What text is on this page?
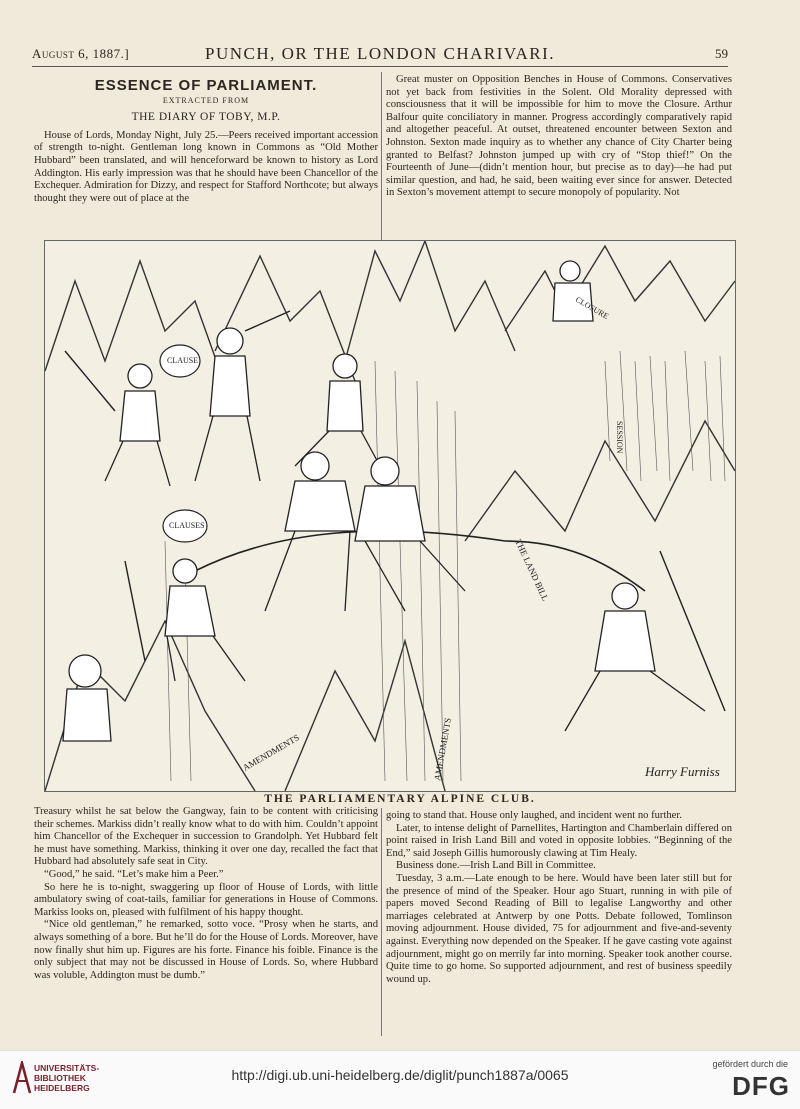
August 6, 1887.]	PUNCH, OR THE LONDON CHARIVARI.	59
ESSENCE OF PARLIAMENT.
EXTRACTED FROM
THE DIARY OF TOBY, M.P.

House of Lords, Monday Night, July 25.—Peers received important accession of strength to-night. Gentleman long known in Commons as “Old Mother Hubbard” been translated, and will henceforward be known to history as Lord Addington. His early impression was that he should have been Chancellor of the Exchequer. Admiration for Dizzy, and respect for Stafford Northcote; but always thought they were out of place at the

Great muster on Opposition Benches in House of Commons. Conservatives not yet back from festivities in the Solent. Old Morality depressed with consciousness that it will be impossible for him to move the Closure. Arthur Balfour quite conciliatory in manner. Progress accordingly comparatively rapid and altogether peaceful. At outset, threatened encounter between Sexton and Johnston. Sexton made inquiry as to whether any chance of City Charter being granted to Belfast? Johnston jumped up with cry of “Stop thief!” On the Fourteenth of June—(didn’t mention hour, but precise as to day)—he had put similar question, and had, he said, been waiting ever since for answer. Detected in Sexton’s movement attempt to secure monopoly of popularity. Not

CLAUSE
CLAUSES
CLOSURE
THE LAND BILL
AMENDMENTS	AMENDMENTS
SESSION
Harry Furniss
THE PARLIAMENTARY ALPINE CLUB.

Treasury whilst he sat below the Gangway, fain to be content with criticising their schemes. Markiss didn’t really know what to do with him. Couldn’t appoint him Chancellor of the Exchequer in succession to Grandolph. Yet Hubbard felt he must have something. Markiss, thinking it over one day, recalled the fact that Hubbard had absolutely safe seat in City.

“Good,” he said. “Let’s make him a Peer.”

So here he is to-night, swaggering up floor of House of Lords, with little ambulatory swing of coat-tails, familiar for generations in House of Commons. Markiss looks on, pleased with fulfilment of his happy thought.

“Nice old gentleman,” he remarked, sotto voce. “Prosy when he starts, and always something of a bore. But he’ll do for the House of Lords. Moreover, have now finally shut him up. Figures are his forte. Finance his foible. Finance is the only subject that may not be discussed in House of Lords. So, where Hubbard was voluble, Addington must be dumb.”

going to stand that. House only laughed, and incident went no further.

Later, to intense delight of Parnellites, Hartington and Chamberlain differed on point raised in Irish Land Bill and voted in opposite lobbies. “Beginning of the End,” said Joseph Gillis humorously clawing at Tim Healy.

Business done.—Irish Land Bill in Committee.

Tuesday, 3 a.m.—Late enough to be here. Would have been later still but for the presence of mind of the Speaker. Hour ago Stuart, running in with pile of papers moved Second Reading of Bill to legalise Langworthy and other marriages celebrated at Antwerp by one Potts. Debate followed, Tomlinson moving adjournment. House divided, 75 for adjournment and five-and-seventy against. Everything now depended on the Speaker. If he gave casting vote against adjournment, might go on merrily far into morning. Speaker took another course. Quite time to go home. So supported adjournment, and rest of business speedily wound up.

UNIVERSITÄTS-
BIBLIOTHEK
HEIDELBERG
http://digi.ub.uni-heidelberg.de/diglit/punch1887a/0065
gefördert durch die
DFG
